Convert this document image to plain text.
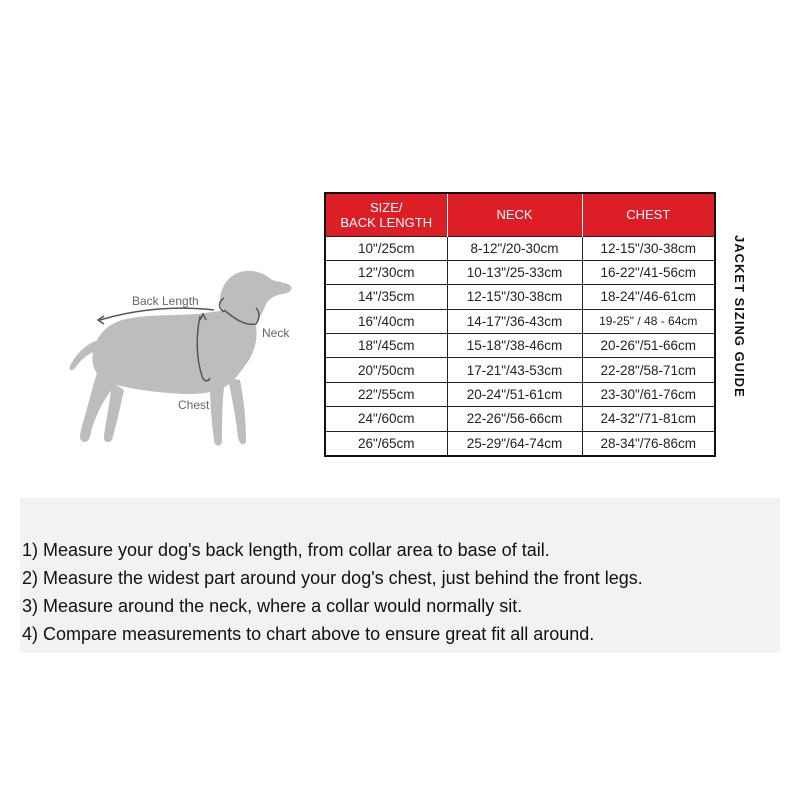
Back Length
Neck
Chest
SIZE/
BACK LENGTH	NECK	CHEST
10"/25cm	8-12"/20-30cm	12-15"/30-38cm
12"/30cm	10-13"/25-33cm	16-22"/41-56cm
14"/35cm	12-15"/30-38cm	18-24"/46-61cm
16"/40cm	14-17"/36-43cm	19-25" / 48 - 64cm
18"/45cm	15-18"/38-46cm	20-26"/51-66cm
20"/50cm	17-21"/43-53cm	22-28"/58-71cm
22"/55cm	20-24"/51-61cm	23-30"/61-76cm
24"/60cm	22-26"/56-66cm	24-32"/71-81cm
26"/65cm	25-29"/64-74cm	28-34"/76-86cm
JACKET SIZING GUIDE
1) Measure your dog's back length, from collar area to base of tail.
2) Measure the widest part around your dog's chest, just behind the front legs.
3) Measure around the neck, where a collar would normally sit.
4) Compare measurements to chart above to ensure great fit all around.
